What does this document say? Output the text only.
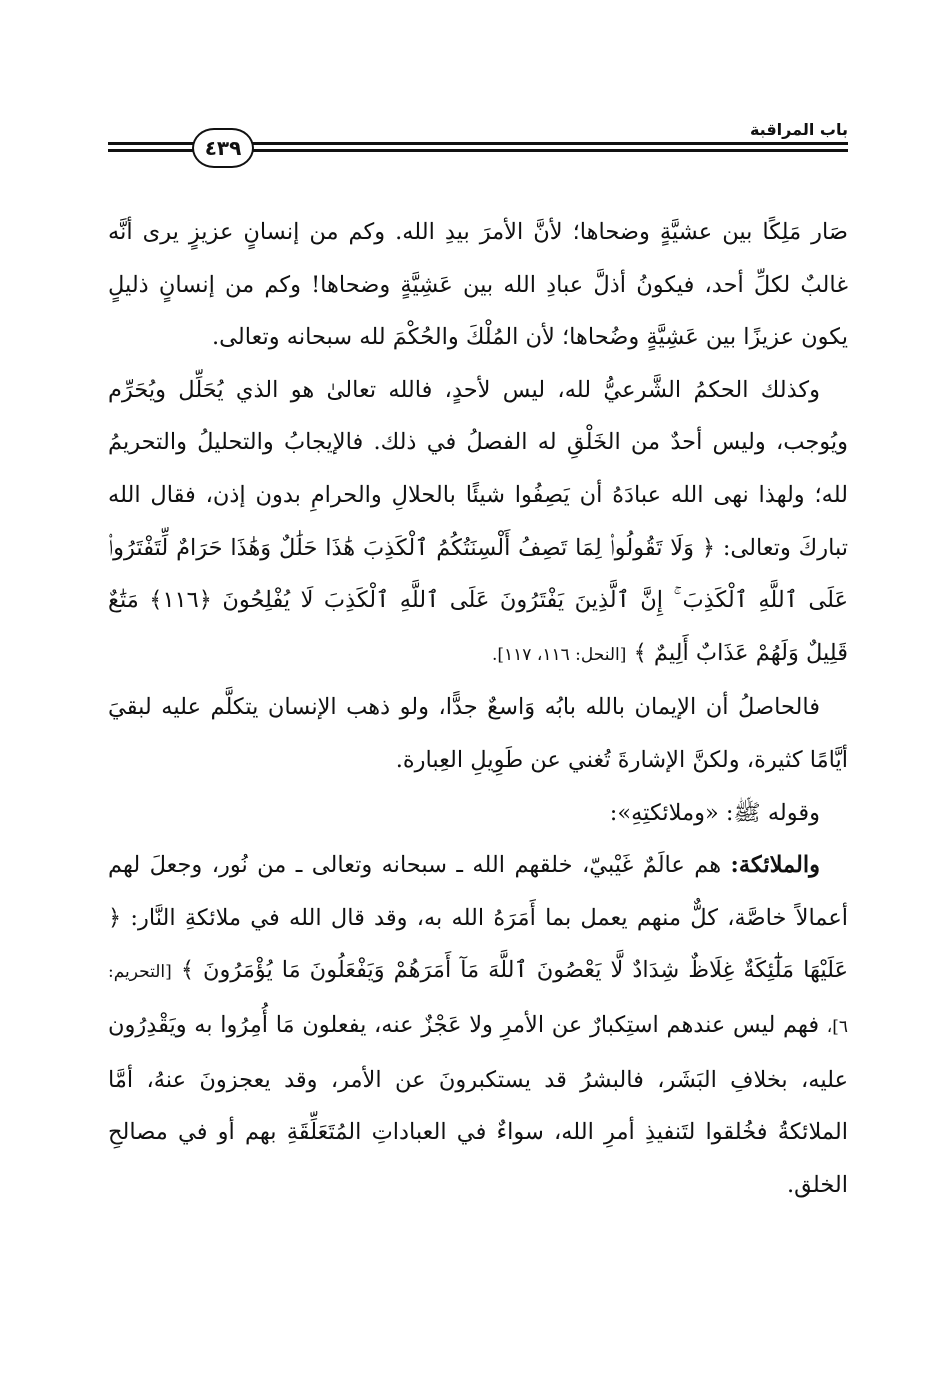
باب المراقبة
٤٣٩

صَار مَلِكًا بين عشيَّةٍ وضحاها؛ لأنَّ الأمرَ بيدِ الله. وكم من إنسانٍ عزيزٍ يرى أنَّه غالبٌ لكلِّ أحد، فيكونُ أذلَّ عبادِ الله بين عَشِيَّةٍ وضحاها! وكم من إنسانٍ ذليلٍ يكون عزيزًا بين عَشِيَّةٍ وضُحاها؛ لأن المُلْكَ والحُكْمَ لله سبحانه وتعالى.

وكذلك الحكمُ الشَّرعيُّ لله، ليس لأحدٍ، فالله تعالىٰ هو الذي يُحَلِّل ويُحَرِّم ويُوجب، وليس أحدٌ من الخَلْقِ له الفصلُ في ذلك. فالإيجابُ والتحليلُ والتحريمُ لله؛ ولهذا نهى الله عبادَهُ أن يَصِفُوا شيئًا بالحلالِ والحرامِ بدون إذن، فقال الله تباركَ وتعالى: ﴿ وَلَا تَقُولُوا۟ لِمَا تَصِفُ أَلْسِنَتُكُمُ ٱلْكَذِبَ هَٰذَا حَلَٰلٌ وَهَٰذَا حَرَامٌ لِّتَفْتَرُوا۟ عَلَى ٱللَّهِ ٱلْكَذِبَ ۚ إِنَّ ٱلَّذِينَ يَفْتَرُونَ عَلَى ٱللَّهِ ٱلْكَذِبَ لَا يُفْلِحُونَ ﴿١١٦﴾ مَتَٰعٌ قَلِيلٌ وَلَهُمْ عَذَابٌ أَلِيمٌ ﴾ [النحل: ١١٦، ١١٧].

فالحاصلُ أن الإيمان بالله بابُه وَاسعٌ جدًّا، ولو ذهب الإنسان يتكلَّم عليه لبقيَ أيَّامًا كثيرة، ولكنَّ الإشارةَ تُغني عن طَوِيلِ العِبارة.

وقوله ﷺ: «وملائكتِهِ»:

والملائكة: هم عالَمٌ غَيْبيّ، خلقهم الله ـ سبحانه وتعالى ـ من نُور، وجعلَ لهم أعمالاً خاصَّة، كلٌّ منهم يعمل بما أَمَرَهُ الله به، وقد قال الله في ملائكةِ النَّار: ﴿ عَلَيْهَا مَلَٰٓئِكَةٌ غِلَاظٌ شِدَادٌ لَّا يَعْصُونَ ٱللَّهَ مَآ أَمَرَهُمْ وَيَفْعَلُونَ مَا يُؤْمَرُونَ ﴾ [التحريم: ٦]، فهم ليس عندهم استِكبارٌ عن الأمرِ ولا عَجْزٌ عنه، يفعلون مَا أُمِرُوا به ويَقْدِرُون عليه، بخلافِ البَشَر، فالبشرُ قد يستكبرونَ عن الأمر، وقد يعجزونَ عنهُ، أمَّا الملائكةُ فخُلقوا لتَنفيذِ أمرِ الله، سواءٌ في العباداتِ المُتَعَلِّقَةِ بهم أو في مصالحِ الخلق.
